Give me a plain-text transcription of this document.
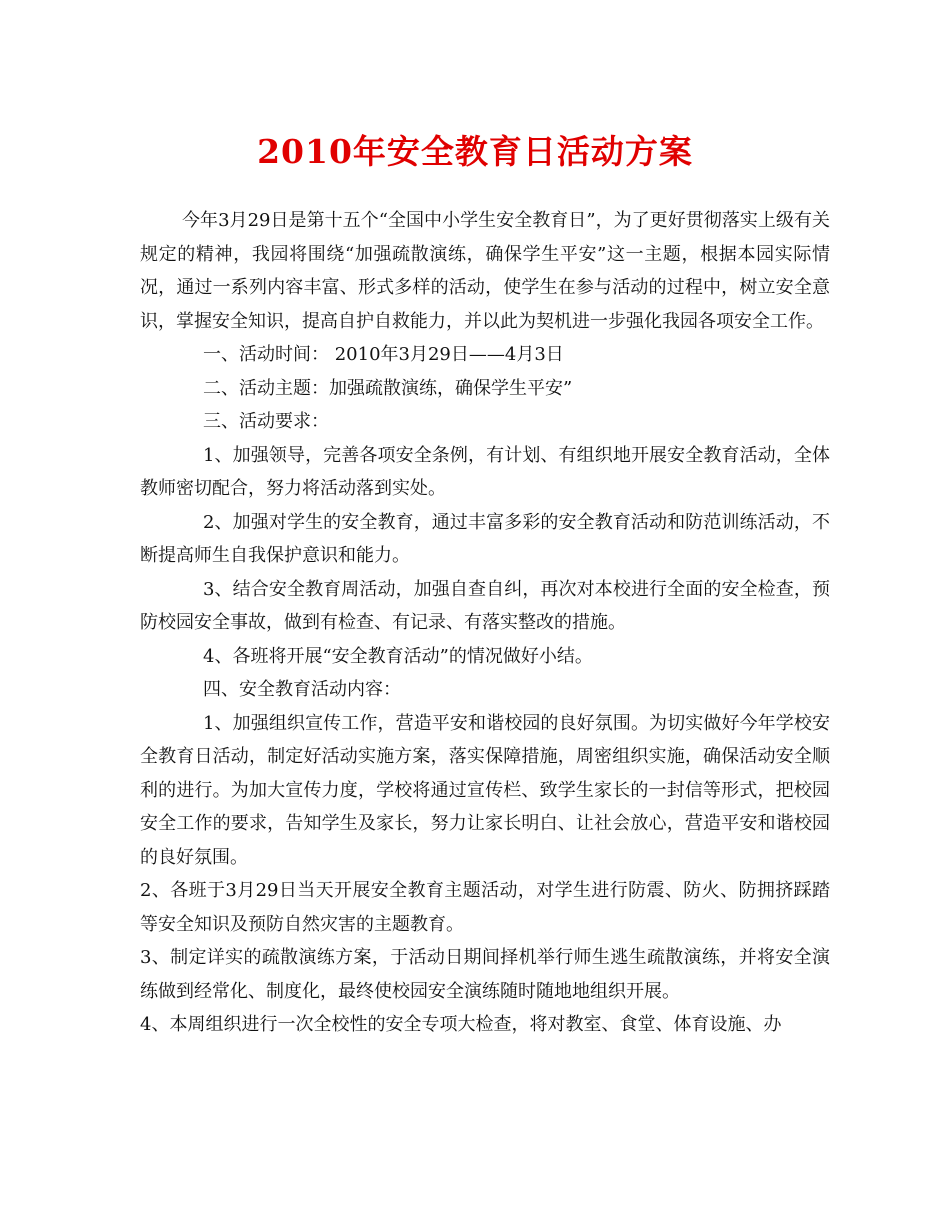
2010年安全教育日活动方案

今年3月29日是第十五个“全国中小学生安全教育日”，为了更好贯彻落实上级有关规定的精神，我园将围绕“加强疏散演练，确保学生平安”这一主题，根据本园实际情况，通过一系列内容丰富、形式多样的活动，使学生在参与活动的过程中，树立安全意识，掌握安全知识，提高自护自救能力，并以此为契机进一步强化我园各项安全工作。

一、活动时间： 2010年3月29日——4月3日

二、活动主题：加强疏散演练，确保学生平安”

三、活动要求：

1、加强领导，完善各项安全条例，有计划、有组织地开展安全教育活动，全体教师密切配合，努力将活动落到实处。

2、加强对学生的安全教育，通过丰富多彩的安全教育活动和防范训练活动，不断提高师生自我保护意识和能力。

3、结合安全教育周活动，加强自查自纠，再次对本校进行全面的安全检查，预防校园安全事故，做到有检查、有记录、有落实整改的措施。

4、各班将开展“安全教育活动”的情况做好小结。

四、安全教育活动内容：

1、加强组织宣传工作，营造平安和谐校园的良好氛围。为切实做好今年学校安全教育日活动，制定好活动实施方案，落实保障措施，周密组织实施，确保活动安全顺利的进行。为加大宣传力度，学校将通过宣传栏、致学生家长的一封信等形式，把校园安全工作的要求，告知学生及家长，努力让家长明白、让社会放心，营造平安和谐校园的良好氛围。

2、各班于3月29日当天开展安全教育主题活动，对学生进行防震、防火、防拥挤踩踏等安全知识及预防自然灾害的主题教育。

3、制定详实的疏散演练方案，于活动日期间择机举行师生逃生疏散演练，并将安全演练做到经常化、制度化，最终使校园安全演练随时随地地组织开展。

4、本周组织进行一次全校性的安全专项大检查，将对教室、食堂、体育设施、办
